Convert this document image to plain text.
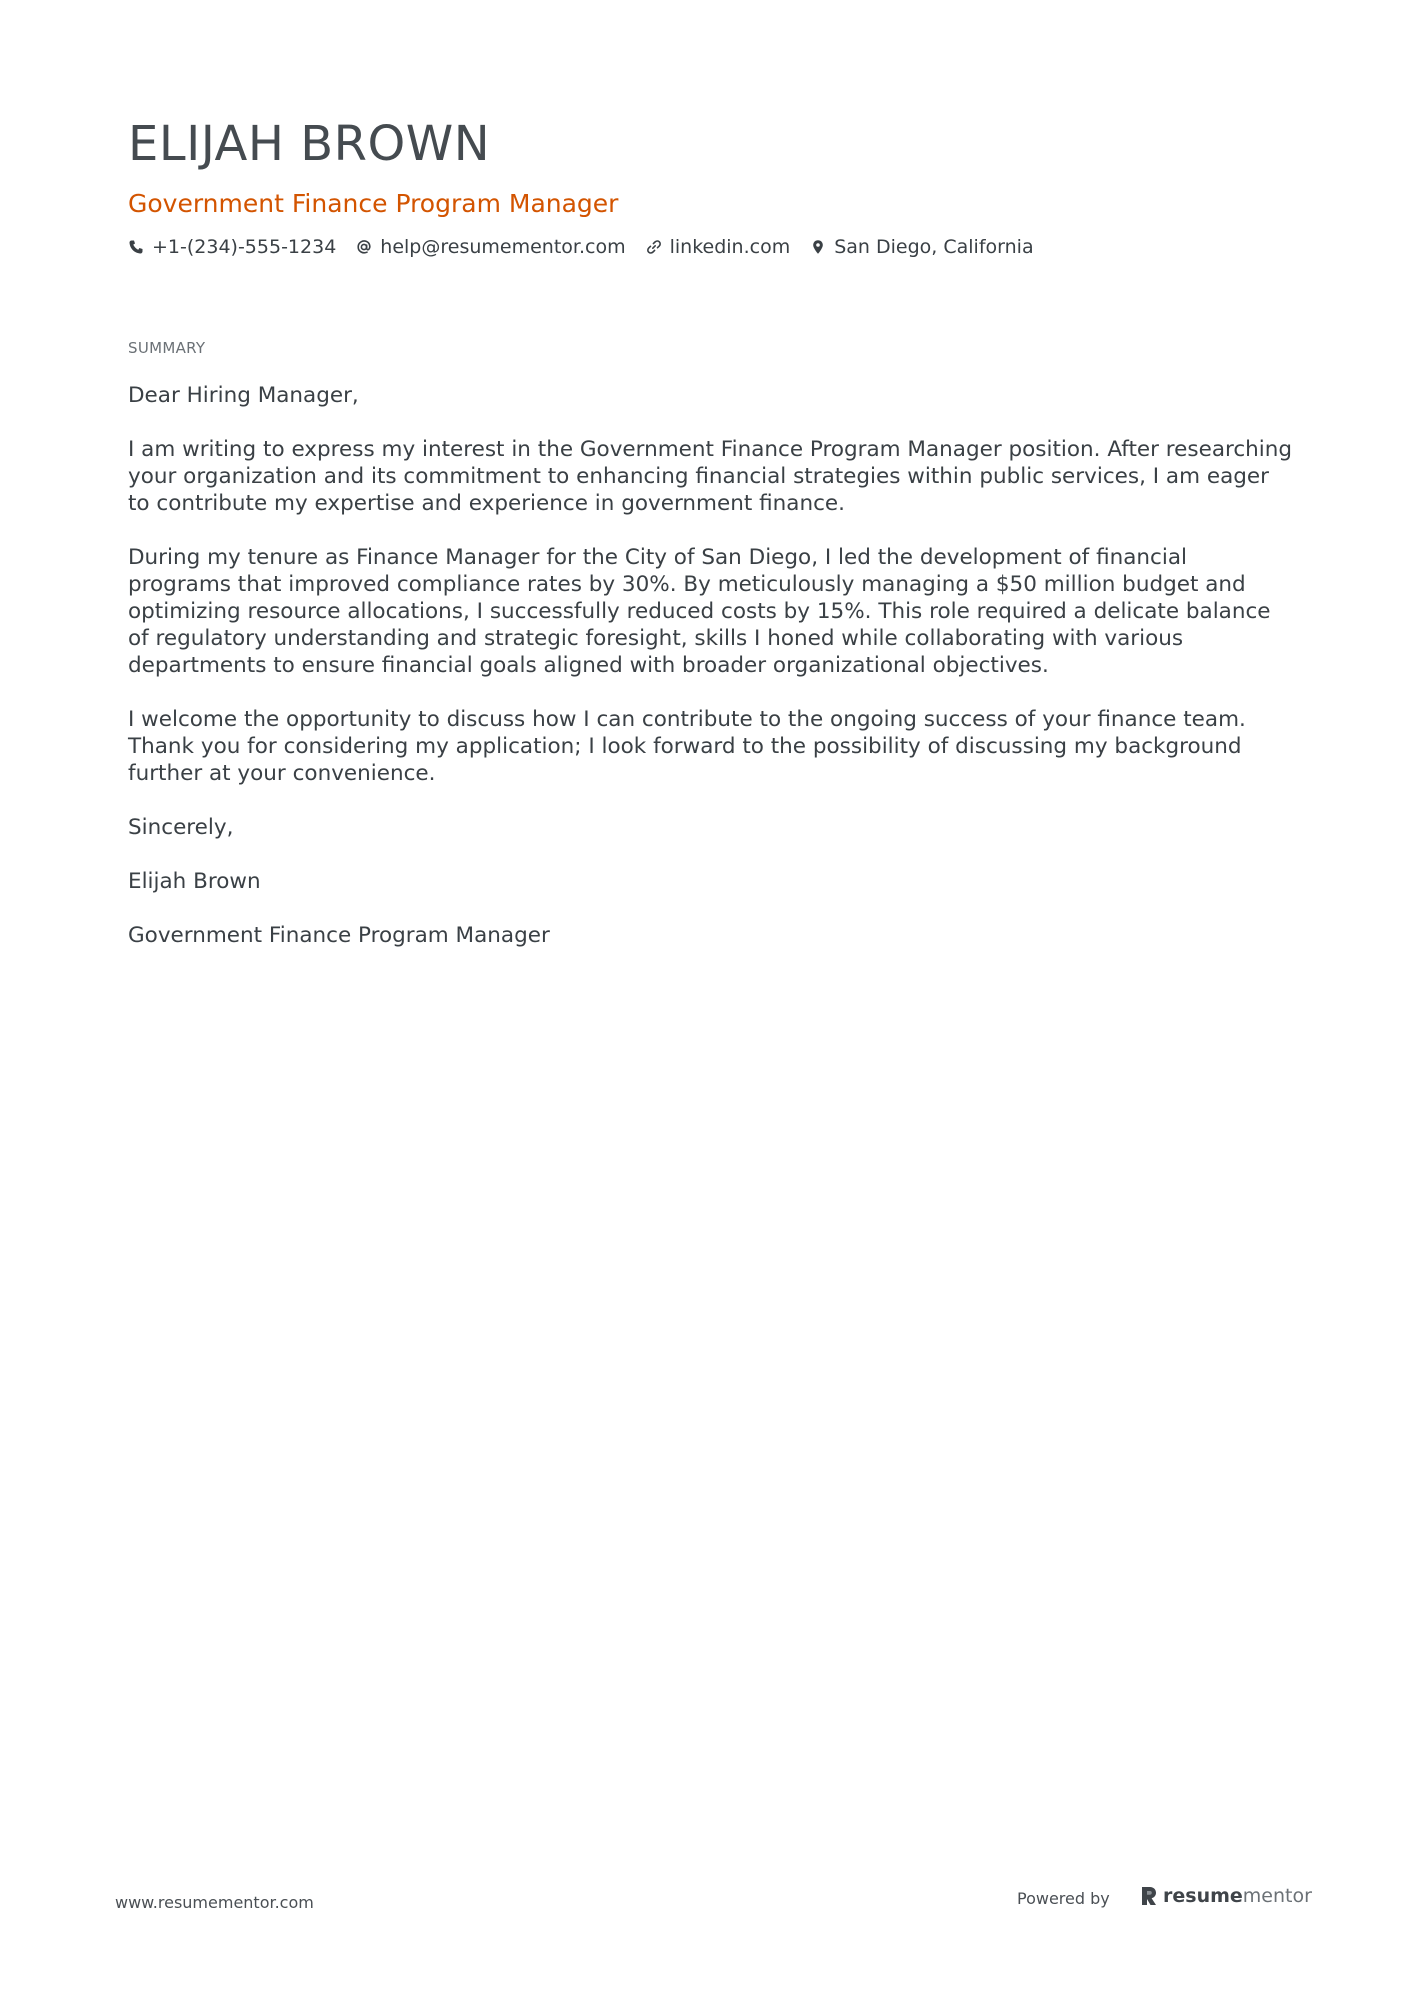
ELIJAH BROWN
Government Finance Program Manager
+1-(234)-555-1234 help@resumementor.com linkedin.com San Diego, California
SUMMARY

Dear Hiring Manager,

I am writing to express my interest in the Government Finance Program Manager position. After researching your organization and its commitment to enhancing financial strategies within public services, I am eager to contribute my expertise and experience in government finance.

During my tenure as Finance Manager for the City of San Diego, I led the development of financial programs that improved compliance rates by 30%. By meticulously managing a $50 million budget and optimizing resource allocations, I successfully reduced costs by 15%. This role required a delicate balance of regulatory understanding and strategic foresight, skills I honed while collaborating with various departments to ensure financial goals aligned with broader organizational objectives.

I welcome the opportunity to discuss how I can contribute to the ongoing success of your finance team. Thank you for considering my application; I look forward to the possibility of discussing my background further at your convenience.

Sincerely,

Elijah Brown

Government Finance Program Manager

www.resumementor.com	Powered by	resume mentor
